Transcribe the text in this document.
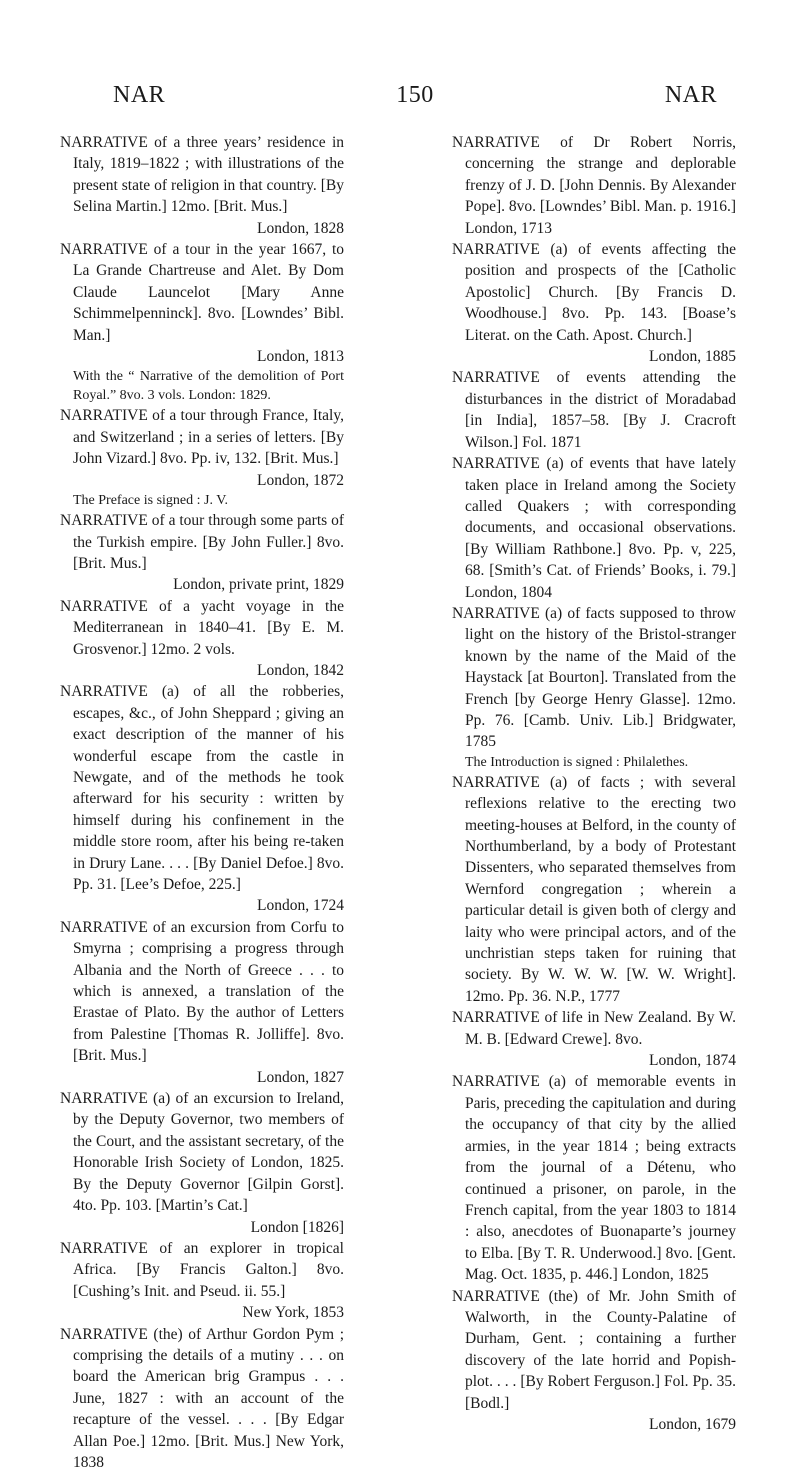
NAR	150	NAR
NARRATIVE of a three years’ residence in Italy, 1819–1822 ; with illustrations of the present state of religion in that country. [By Selina Martin.] 12mo. [Brit. Mus.]
London, 1828
NARRATIVE of a tour in the year 1667, to La Grande Chartreuse and Alet. By Dom Claude Launcelot [Mary Anne Schimmelpenninck]. 8vo. [Lowndes’ Bibl. Man.]
London, 1813
With the “ Narrative of the demolition of Port Royal.” 8vo. 3 vols. London: 1829.
NARRATIVE of a tour through France, Italy, and Switzerland ; in a series of letters. [By John Vizard.] 8vo. Pp. iv, 132. [Brit. Mus.]
London, 1872
The Preface is signed : J. V.
NARRATIVE of a tour through some parts of the Turkish empire. [By John Fuller.] 8vo. [Brit. Mus.]
London, private print, 1829
NARRATIVE of a yacht voyage in the Mediterranean in 1840–41. [By E. M. Grosvenor.] 12mo. 2 vols.
London, 1842
NARRATIVE (a) of all the robberies, escapes, &c., of John Sheppard ; giving an exact description of the manner of his wonderful escape from the castle in Newgate, and of the methods he took afterward for his security : written by himself during his confinement in the middle store room, after his being re-taken in Drury Lane. . . . [By Daniel Defoe.] 8vo. Pp. 31. [Lee’s Defoe, 225.]
London, 1724
NARRATIVE of an excursion from Corfu to Smyrna ; comprising a progress through Albania and the North of Greece . . . to which is annexed, a translation of the Erastae of Plato. By the author of Letters from Palestine [Thomas R. Jolliffe]. 8vo. [Brit. Mus.]
London, 1827
NARRATIVE (a) of an excursion to Ireland, by the Deputy Governor, two members of the Court, and the assistant secretary, of the Honorable Irish Society of London, 1825. By the Deputy Governor [Gilpin Gorst]. 4to. Pp. 103. [Martin’s Cat.]
London [1826]
NARRATIVE of an explorer in tropical Africa. [By Francis Galton.] 8vo. [Cushing’s Init. and Pseud. ii. 55.]
New York, 1853
NARRATIVE (the) of Arthur Gordon Pym ; comprising the details of a mutiny . . . on board the American brig Grampus . . . June, 1827 : with an account of the recapture of the vessel. . . . [By Edgar Allan Poe.] 12mo. [Brit. Mus.] New York, 1838
NARRATIVE of Dr Robert Norris, concerning the strange and deplorable frenzy of J. D. [John Dennis. By Alexander Pope]. 8vo. [Lowndes’ Bibl. Man. p. 1916.] London, 1713
NARRATIVE (a) of events affecting the position and prospects of the [Catholic Apostolic] Church. [By Francis D. Woodhouse.] 8vo. Pp. 143. [Boase’s Literat. on the Cath. Apost. Church.]
London, 1885
NARRATIVE of events attending the disturbances in the district of Moradabad [in India], 1857–58. [By J. Cracroft Wilson.] Fol. 1871
NARRATIVE (a) of events that have lately taken place in Ireland among the Society called Quakers ; with corresponding documents, and occasional observations. [By William Rathbone.] 8vo. Pp. v, 225, 68. [Smith’s Cat. of Friends’ Books, i. 79.] London, 1804
NARRATIVE (a) of facts supposed to throw light on the history of the Bristol-stranger known by the name of the Maid of the Haystack [at Bourton]. Translated from the French [by George Henry Glasse]. 12mo. Pp. 76. [Camb. Univ. Lib.] Bridgwater, 1785
The Introduction is signed : Philalethes.
NARRATIVE (a) of facts ; with several reflexions relative to the erecting two meeting-houses at Belford, in the county of Northumberland, by a body of Protestant Dissenters, who separated themselves from Wernford congregation ; wherein a particular detail is given both of clergy and laity who were principal actors, and of the unchristian steps taken for ruining that society. By W. W. W. [W. W. Wright]. 12mo. Pp. 36. N.P., 1777
NARRATIVE of life in New Zealand. By W. M. B. [Edward Crewe]. 8vo.
London, 1874
NARRATIVE (a) of memorable events in Paris, preceding the capitulation and during the occupancy of that city by the allied armies, in the year 1814 ; being extracts from the journal of a Détenu, who continued a prisoner, on parole, in the French capital, from the year 1803 to 1814 : also, anecdotes of Buonaparte’s journey to Elba. [By T. R. Underwood.] 8vo. [Gent. Mag. Oct. 1835, p. 446.] London, 1825
NARRATIVE (the) of Mr. John Smith of Walworth, in the County-Palatine of Durham, Gent. ; containing a further discovery of the late horrid and Popish-plot. . . . [By Robert Ferguson.] Fol. Pp. 35. [Bodl.]
London, 1679
